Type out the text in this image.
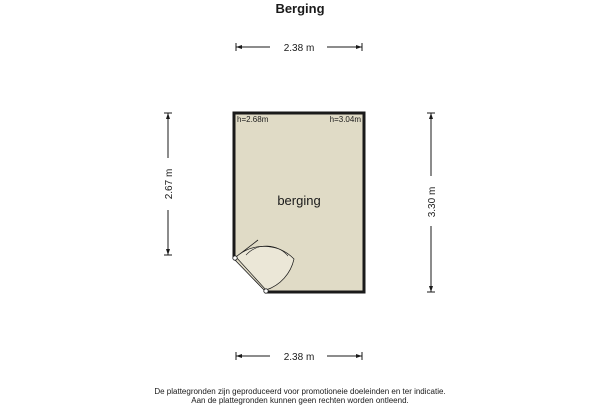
Berging
2.38 m
2.38 m
2.67 m
3.30 m
h=2.68m	h=3.04m
berging
De plattegronden zijn geproduceerd voor promotioneie doeleinden en ter indicatie.
Aan de plattegronden kunnen geen rechten worden ontleend.
